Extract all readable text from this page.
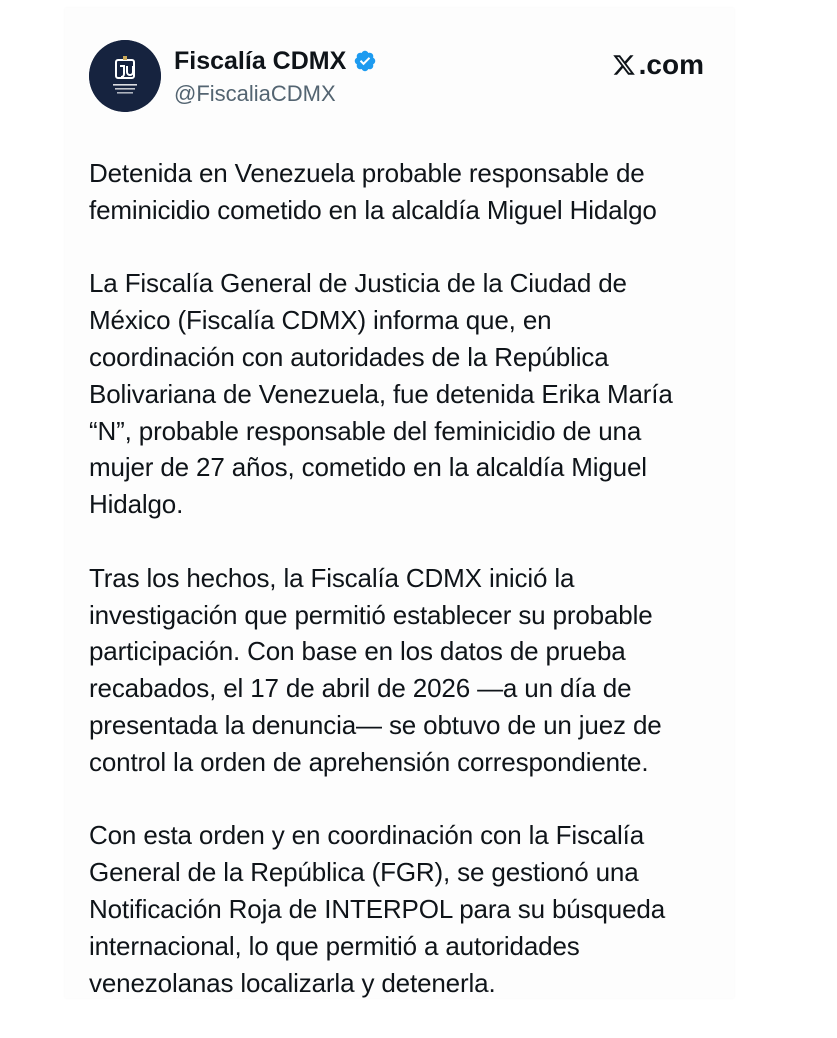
Fiscalía CDMX
@FiscaliaCDMX
.com

Detenida en Venezuela probable responsable de
feminicidio cometido en la alcaldía Miguel Hidalgo

La Fiscalía General de Justicia de la Ciudad de
México (Fiscalía CDMX) informa que, en
coordinación con autoridades de la República
Bolivariana de Venezuela, fue detenida Erika María
“N”, probable responsable del feminicidio de una
mujer de 27 años, cometido en la alcaldía Miguel
Hidalgo.

Tras los hechos, la Fiscalía CDMX inició la
investigación que permitió establecer su probable
participación. Con base en los datos de prueba
recabados, el 17 de abril de 2026 —a un día de
presentada la denuncia— se obtuvo de un juez de
control la orden de aprehensión correspondiente.

Con esta orden y en coordinación con la Fiscalía
General de la República (FGR), se gestionó una
Notificación Roja de INTERPOL para su búsqueda
internacional, lo que permitió a autoridades
venezolanas localizarla y detenerla.
